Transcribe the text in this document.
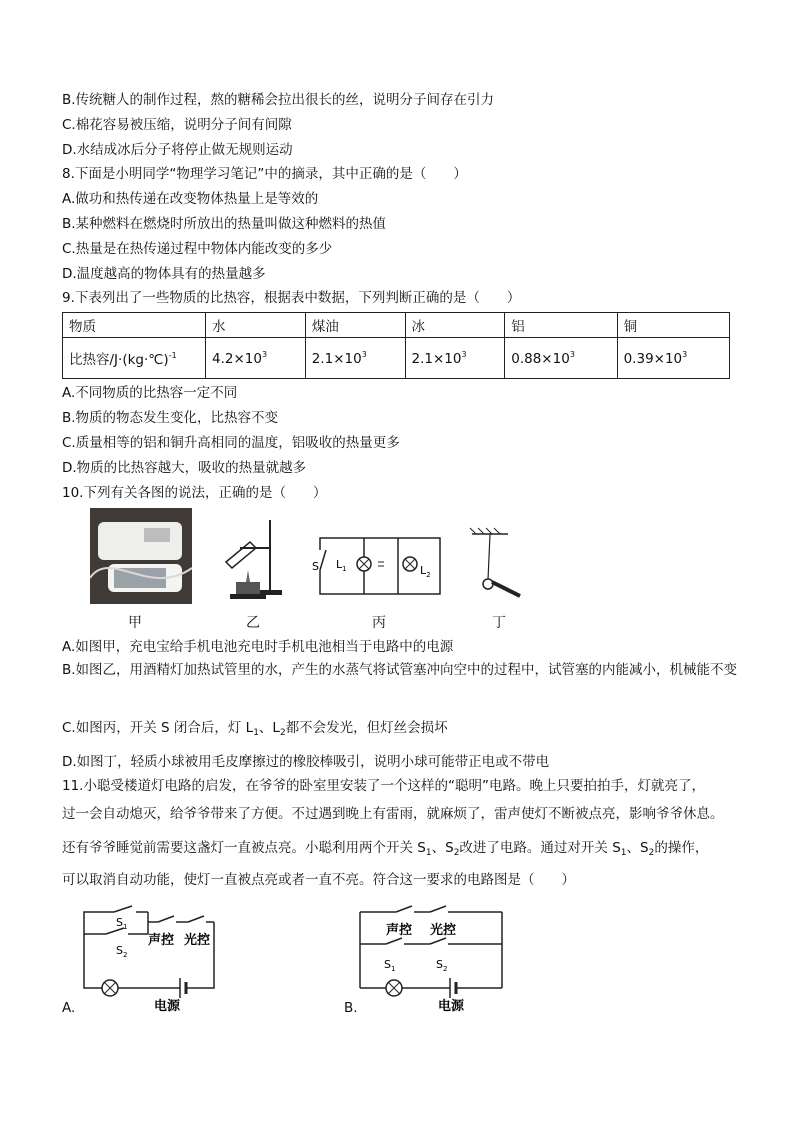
B.传统糖人的制作过程，熬的糖稀会拉出很长的丝，说明分子间存在引力
C.棉花容易被压缩，说明分子间有间隙
D.水结成冰后分子将停止做无规则运动
8.下面是小明同学“物理学习笔记”中的摘录，其中正确的是（　　）
A.做功和热传递在改变物体热量上是等效的
B.某种燃料在燃烧时所放出的热量叫做这种燃料的热值
C.热量是在热传递过程中物体内能改变的多少
D.温度越高的物体具有的热量越多
9.下表列出了一些物质的比热容，根据表中数据，下列判断正确的是（　　）
物质	水	煤油	冰	铝	铜
比热容/J·(kg·℃)$^{-1}$	$4.2\times 10^3$	$2.1\times 10^3$	$2.1\times 10^3$	$0.88\times 10^3$	$0.39\times 10^3$
A.不同物质的比热容一定不同
B.物质的物态发生变化，比热容不变
C.质量相等的铝和铜升高相同的温度，铝吸收的热量更多
D.物质的比热容越大，吸收的热量就越多
10.下列有关各图的说法，正确的是（　　）
S $L_1$	$L_2$
甲	乙	丙	丁
A.如图甲，充电宝给手机电池充电时手机电池相当于电路中的电源
B.如图乙，用酒精灯加热试管里的水，产生的水蒸气将试管塞冲向空中的过程中，试管塞的内能减小，机械能不变
C.如图丙，开关 S 闭合后，灯 $L_1$、$L_2$都不会发光，但灯丝会损坏
D.如图丁，轻质小球被用毛皮摩擦过的橡胶棒吸引，说明小球可能带正电或不带电
11.小聪受楼道灯电路的启发，在爷爷的卧室里安装了一个这样的“聪明”电路。晚上只要拍拍手，灯就亮了，
过一会自动熄灭，给爷爷带来了方便。不过遇到晚上有雷雨，就麻烦了，雷声使灯不断被点亮，影响爷爷休息。
还有爷爷睡觉前需要这盏灯一直被点亮。小聪利用两个开关 $S_1$、$S_2$改进了电路。通过对开关 $S_1$、$S_2$的操作，
可以取消自动功能，使灯一直被点亮或者一直不亮。符合这一要求的电路图是（　　）
$S_1$
$S_2$
声控 光控
电源
A.
声控 光控
$S_1$	$S_2$
电源
B.
